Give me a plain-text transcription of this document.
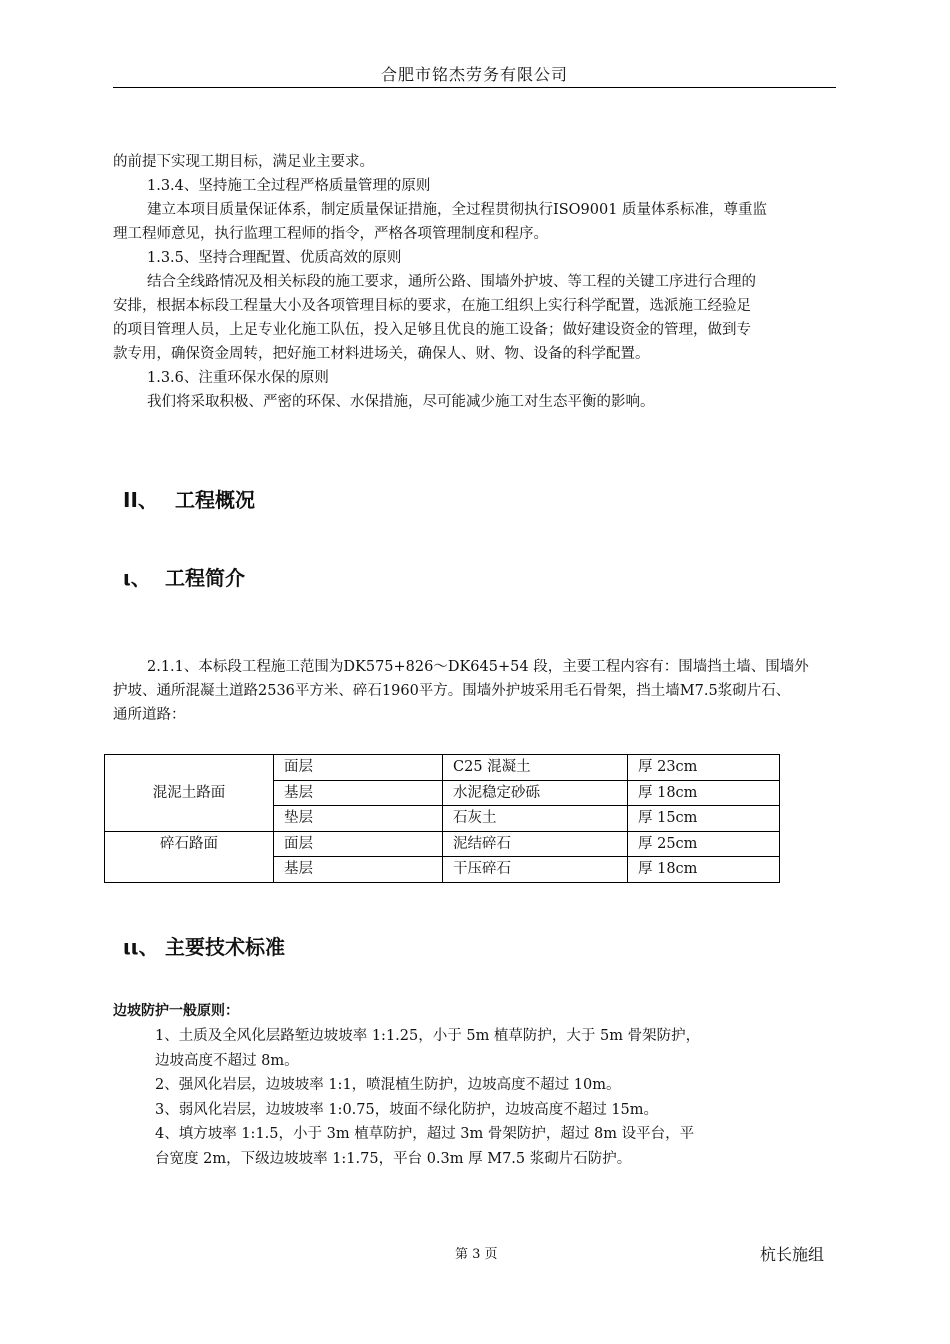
合肥市铭杰劳务有限公司

的前提下实现工期目标，满足业主要求。

1.3.4、坚持施工全过程严格质量管理的原则

建立本项目质量保证体系，制定质量保证措施，全过程贯彻执行ISO9001 质量体系标准，尊重监

理工程师意见，执行监理工程师的指令，严格各项管理制度和程序。

1.3.5、坚持合理配置、优质高效的原则

结合全线路情况及相关标段的施工要求，通所公路、围墙外护坡、等工程的关键工序进行合理的

安排，根据本标段工程量大小及各项管理目标的要求，在施工组织上实行科学配置，选派施工经验足

的项目管理人员，上足专业化施工队伍，投入足够且优良的施工设备；做好建设资金的管理，做到专

款专用，确保资金周转，把好施工材料进场关，确保人、财、物、设备的科学配置。

1.3.6、注重环保水保的原则

我们将采取积极、严密的环保、水保措施，尽可能减少施工对生态平衡的影响。

II、 工程概况
ι、 工程简介

2.1.1、本标段工程施工范围为DK575+826～DK645+54 段，主要工程内容有：围墙挡土墙、围墙外

护坡、通所混凝土道路2536平方米、碎石1960平方。围墙外护坡采用毛石骨架，挡土墙M7.5浆砌片石、

通所道路：

混泥土路面	面层	C25 混凝土	厚 23cm
	基层	水泥稳定砂砾	厚 18cm
	垫层	石灰土	厚 15cm
碎石路面	面层	泥结碎石	厚 25cm
	基层	干压碎石	厚 18cm
ιι、 主要技术标准
边坡防护一般原则：

1、土质及全风化层路堑边坡坡率 1:1.25，小于 5m 植草防护，大于 5m 骨架防护，

边坡高度不超过 8m。

2、强风化岩层，边坡坡率 1:1，喷混植生防护，边坡高度不超过 10m。

3、弱风化岩层，边坡坡率 1:0.75，坡面不绿化防护，边坡高度不超过 15m。

4、填方坡率 1:1.5，小于 3m 植草防护，超过 3m 骨架防护，超过 8m 设平台，平

台宽度 2m，下级边坡坡率 1:1.75，平台 0.3m 厚 M7.5 浆砌片石防护。

第 3 页	杭长施组
